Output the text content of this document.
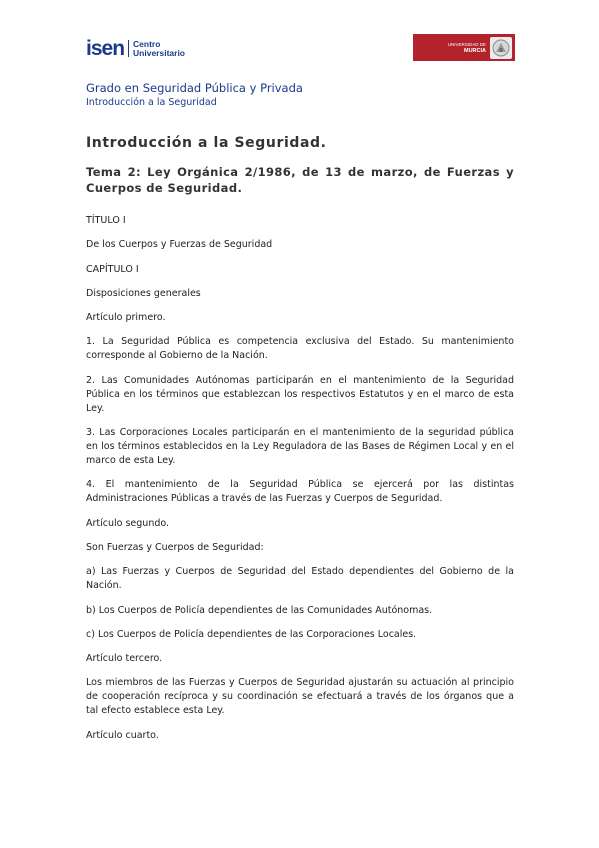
isen Centro
Universitario
UNIVERSIDAD DE
MURCIA
Grado en Seguridad Pública y Privada
Introducción a la Seguridad
Introducción a la Seguridad.
Tema 2: Ley Orgánica 2/1986, de 13 de marzo, de Fuerzas y Cuerpos de Seguridad.

TÍTULO I

De los Cuerpos y Fuerzas de Seguridad

CAPÍTULO I

Disposiciones generales

Artículo primero.

1. La Seguridad Pública es competencia exclusiva del Estado. Su mantenimiento corresponde al Gobierno de la Nación.

2. Las Comunidades Autónomas participarán en el mantenimiento de la Seguridad Pública en los términos que establezcan los respectivos Estatutos y en el marco de esta Ley.

3. Las Corporaciones Locales participarán en el mantenimiento de la seguridad pública en los términos establecidos en la Ley Reguladora de las Bases de Régimen Local y en el marco de esta Ley.

4. El mantenimiento de la Seguridad Pública se ejercerá por las distintas Administraciones Públicas a través de las Fuerzas y Cuerpos de Seguridad.

Artículo segundo.

Son Fuerzas y Cuerpos de Seguridad:

a) Las Fuerzas y Cuerpos de Seguridad del Estado dependientes del Gobierno de la Nación.

b) Los Cuerpos de Policía dependientes de las Comunidades Autónomas.

c) Los Cuerpos de Policía dependientes de las Corporaciones Locales.

Artículo tercero.

Los miembros de las Fuerzas y Cuerpos de Seguridad ajustarán su actuación al principio de cooperación recíproca y su coordinación se efectuará a través de los órganos que a tal efecto establece esta Ley.

Artículo cuarto.
